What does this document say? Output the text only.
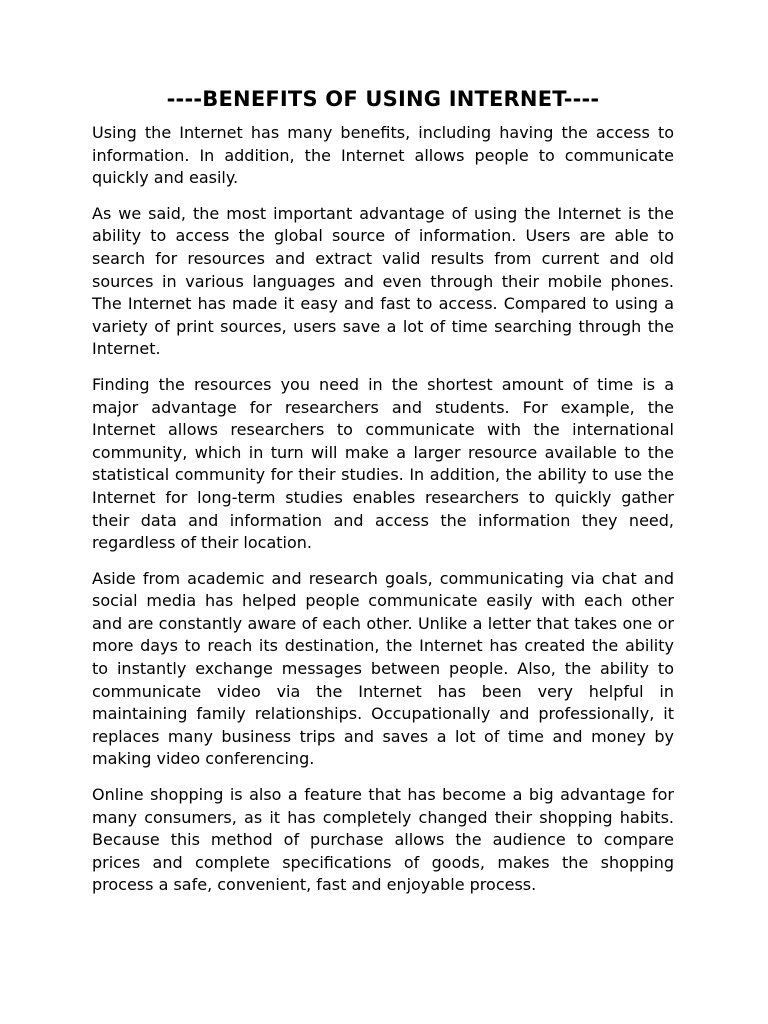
----BENEFITS OF USING INTERNET----

Using the Internet has many benefits, including having the access to information. In addition, the Internet allows people to communicate quickly and easily.

As we said, the most important advantage of using the Internet is the ability to access the global source of information. Users are able to search for resources and extract valid results from current and old sources in various languages and even through their mobile phones. The Internet has made it easy and fast to access. Compared to using a variety of print sources, users save a lot of time searching through the Internet.

Finding the resources you need in the shortest amount of time is a major advantage for researchers and students. For example, the Internet allows researchers to communicate with the international community, which in turn will make a larger resource available to the statistical community for their studies. In addition, the ability to use the Internet for long-term studies enables researchers to quickly gather their data and information and access the information they need, regardless of their location.

Aside from academic and research goals, communicating via chat and social media has helped people communicate easily with each other and are constantly aware of each other. Unlike a letter that takes one or more days to reach its destination, the Internet has created the ability to instantly exchange messages between people. Also, the ability to communicate video via the Internet has been very helpful in maintaining family relationships. Occupationally and professionally, it replaces many business trips and saves a lot of time and money by making video conferencing.

Online shopping is also a feature that has become a big advantage for many consumers, as it has completely changed their shopping habits. Because this method of purchase allows the audience to compare prices and complete specifications of goods, makes the shopping process a safe, convenient, fast and enjoyable process.
